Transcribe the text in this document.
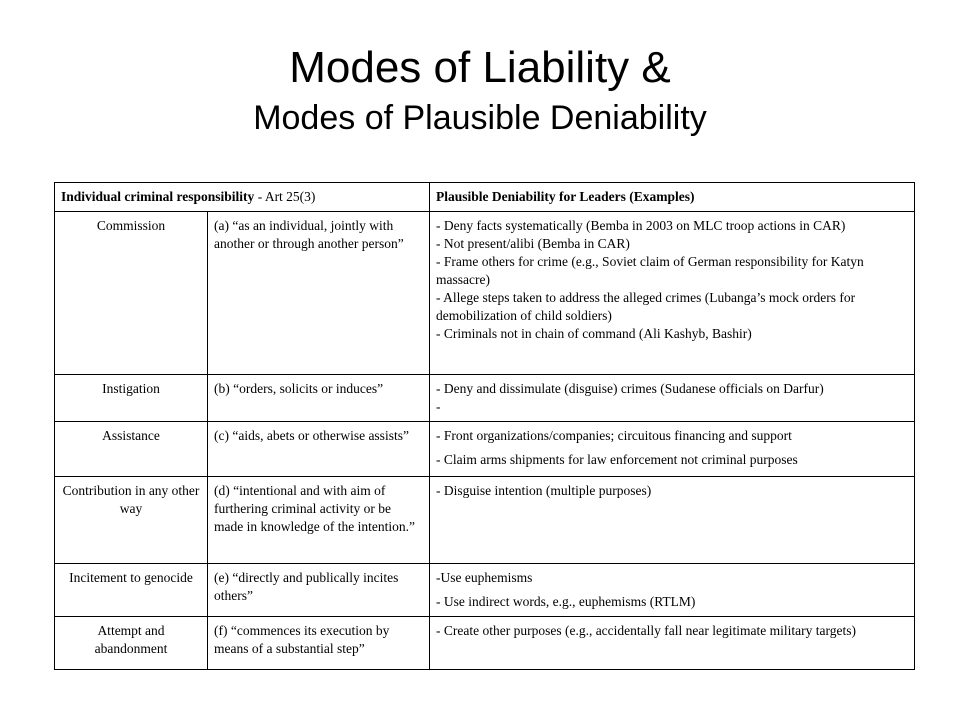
Modes of Liability &
Modes of Plausible Deniability
Individual criminal responsibility - Art 25(3)		Plausible Deniability for Leaders (Examples)
Commission	(a) “as an individual, jointly with another or through another person”	- Deny facts systematically (Bemba in 2003 on MLC troop actions in CAR)
- Not present/alibi (Bemba in CAR)
- Frame others for crime (e.g., Soviet claim of German responsibility for Katyn massacre)
- Allege steps taken to address the alleged crimes (Lubanga’s mock orders for demobilization of child soldiers)
- Criminals not in chain of command (Ali Kashyb, Bashir)

Instigation	(b) “orders, solicits or induces”	- Deny and dissimulate (disguise) crimes (Sudanese officials on Darfur)
-

Assistance	(c) “aids, abets or otherwise assists”	- Front organizations/companies; circuitous financing and support
- Claim arms shipments for law enforcement not criminal purposes

Contribution in any other way	(d) “intentional and with aim of furthering criminal activity or be made in knowledge of the intention.”	- Disguise intention (multiple purposes)

Incitement to genocide	(e) “directly and publically incites others”	-Use euphemisms
- Use indirect words, e.g., euphemisms (RTLM)

Attempt and abandonment	(f) “commences its execution by means of a substantial step”	- Create other purposes (e.g., accidentally fall near legitimate military targets)
